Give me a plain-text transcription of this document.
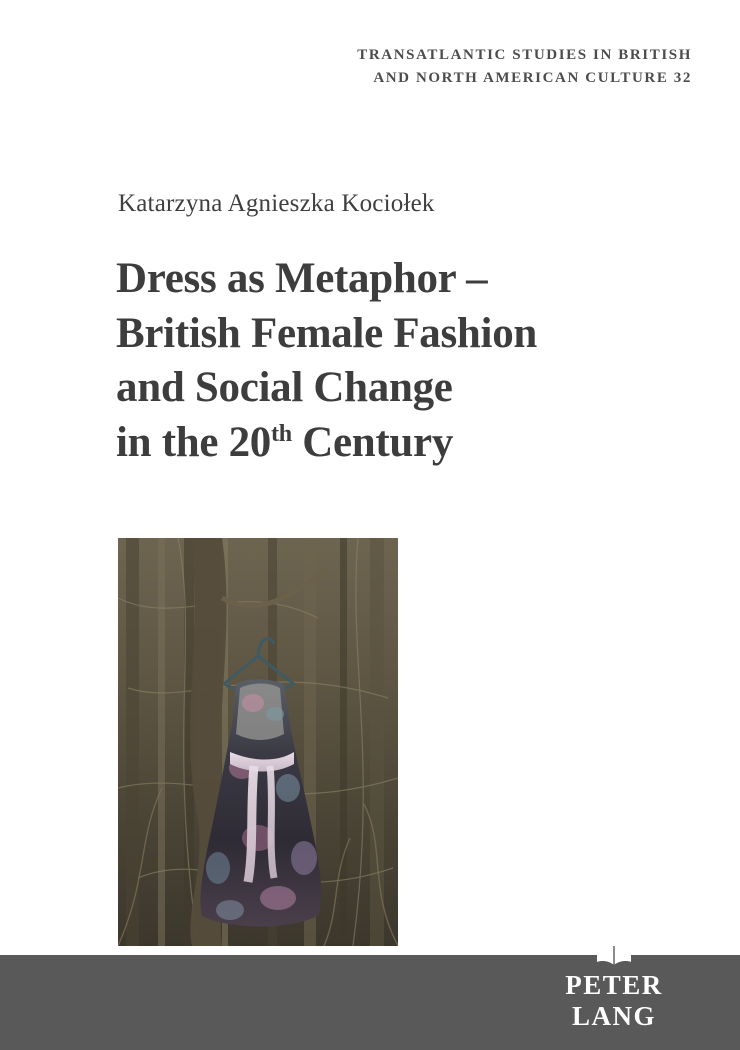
TRANSATLANTIC STUDIES IN BRITISH
AND NORTH AMERICAN CULTURE 32
Katarzyna Agnieszka Kociołek
Dress as Metaphor –
British Female Fashion
and Social Change
in the 20th Century
PETER LANG
